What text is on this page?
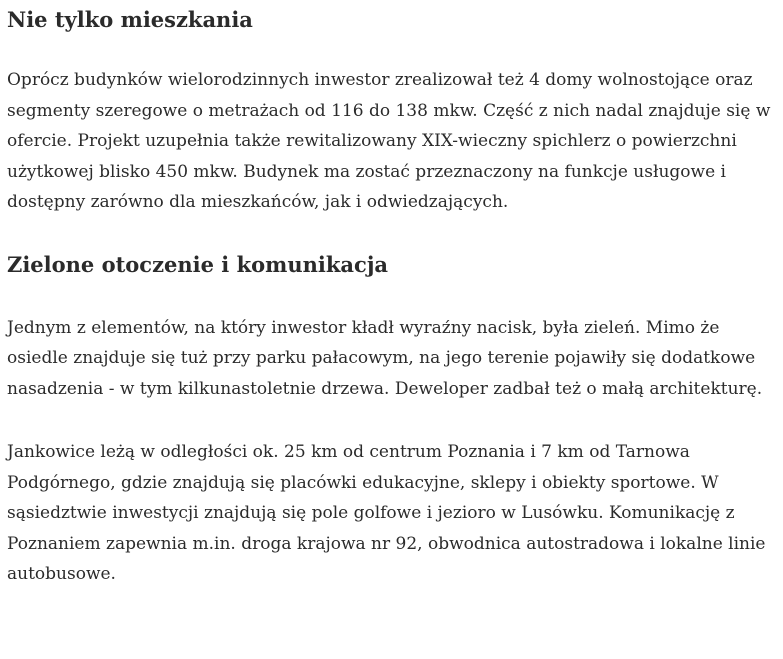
Nie tylko mieszkania

Oprócz budynków wielorodzinnych inwestor zrealizował też 4 domy wolnostojące oraz segmenty szeregowe o metrażach od 116 do 138 mkw. Część z nich nadal znajduje się w ofercie. Projekt uzupełnia także rewitalizowany XIX-wieczny spichlerz o powierzchni użytkowej blisko 450 mkw. Budynek ma zostać przeznaczony na funkcje usługowe i dostępny zarówno dla mieszkańców, jak i odwiedzających.

Zielone otoczenie i komunikacja

Jednym z elementów, na który inwestor kładł wyraźny nacisk, była zieleń. Mimo że osiedle znajduje się tuż przy parku pałacowym, na jego terenie pojawiły się dodatkowe nasadzenia - w tym kilkunastoletnie drzewa. Deweloper zadbał też o małą architekturę.

Jankowice leżą w odległości ok. 25 km od centrum Poznania i 7 km od Tarnowa Podgórnego, gdzie znajdują się placówki edukacyjne, sklepy i obiekty sportowe. W sąsiedztwie inwestycji znajdują się pole golfowe i jezioro w Lusówku. Komunikację z Poznaniem zapewnia m.in. droga krajowa nr 92, obwodnica autostradowa i lokalne linie autobusowe.
